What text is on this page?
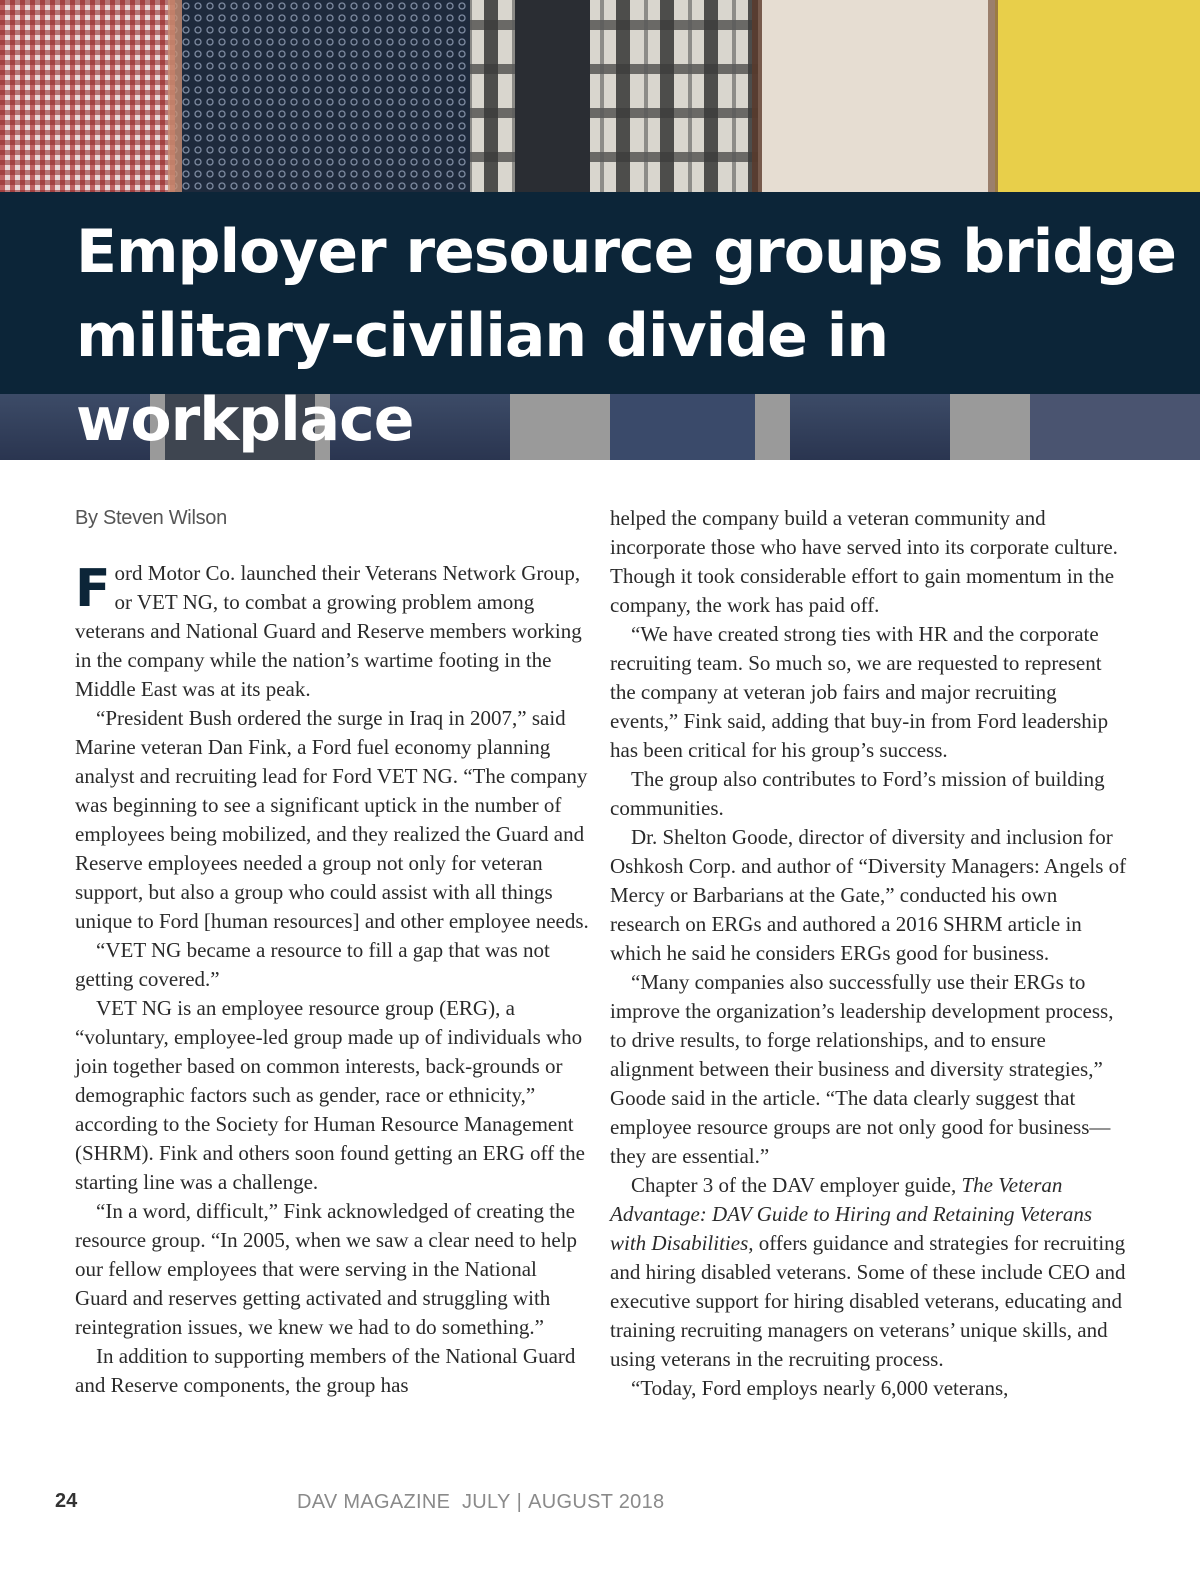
Employer resource groups bridge
military-civilian divide in workplace
By Steven Wilson

Ford Motor Co. launched their Veterans Network Group, or VET NG, to combat a growing problem among veterans and National Guard and Reserve members working in the company while the nation’s wartime footing in the Middle East was at its peak.

“President Bush ordered the surge in Iraq in 2007,” said Marine veteran Dan Fink, a Ford fuel economy planning analyst and recruiting lead for Ford VET NG. “The company was beginning to see a significant uptick in the number of employees being mobilized, and they realized the Guard and Reserve employees needed a group not only for veteran support, but also a group who could assist with all things unique to Ford [human resources] and other employee needs.

“VET NG became a resource to fill a gap that was not getting covered.”

VET NG is an employee resource group (ERG), a “voluntary, employee-led group made up of individuals who join together based on common interests, back-grounds or demographic factors such as gender, race or ethnicity,” according to the Society for Human Resource Management (SHRM). Fink and others soon found getting an ERG off the starting line was a challenge.

“In a word, difficult,” Fink acknowledged of creating the resource group. “In 2005, when we saw a clear need to help our fellow employees that were serving in the National Guard and reserves getting activated and struggling with reintegration issues, we knew we had to do something.”

In addition to supporting members of the National Guard and Reserve components, the group has

helped the company build a veteran community and incorporate those who have served into its corporate culture. Though it took considerable effort to gain momentum in the company, the work has paid off.

“We have created strong ties with HR and the corporate recruiting team. So much so, we are requested to represent the company at veteran job fairs and major recruiting events,” Fink said, adding that buy-in from Ford leadership has been critical for his group’s success.

The group also contributes to Ford’s mission of building communities.

Dr. Shelton Goode, director of diversity and inclusion for Oshkosh Corp. and author of “Diversity Managers: Angels of Mercy or Barbarians at the Gate,” conducted his own research on ERGs and authored a 2016 SHRM article in which he said he considers ERGs good for business.

“Many companies also successfully use their ERGs to improve the organization’s leadership development process, to drive results, to forge relationships, and to ensure alignment between their business and diversity strategies,” Goode said in the article. “The data clearly suggest that employee resource groups are not only good for business—they are essential.”

Chapter 3 of the DAV employer guide, The Veteran Advantage: DAV Guide to Hiring and Retaining Veterans with Disabilities, offers guidance and strategies for recruiting and hiring disabled veterans. Some of these include CEO and executive support for hiring disabled veterans, educating and training recruiting managers on veterans’ unique skills, and using veterans in the recruiting process.

“Today, Ford employs nearly 6,000 veterans,

24	DAV MAGAZINE JULY | AUGUST 2018
